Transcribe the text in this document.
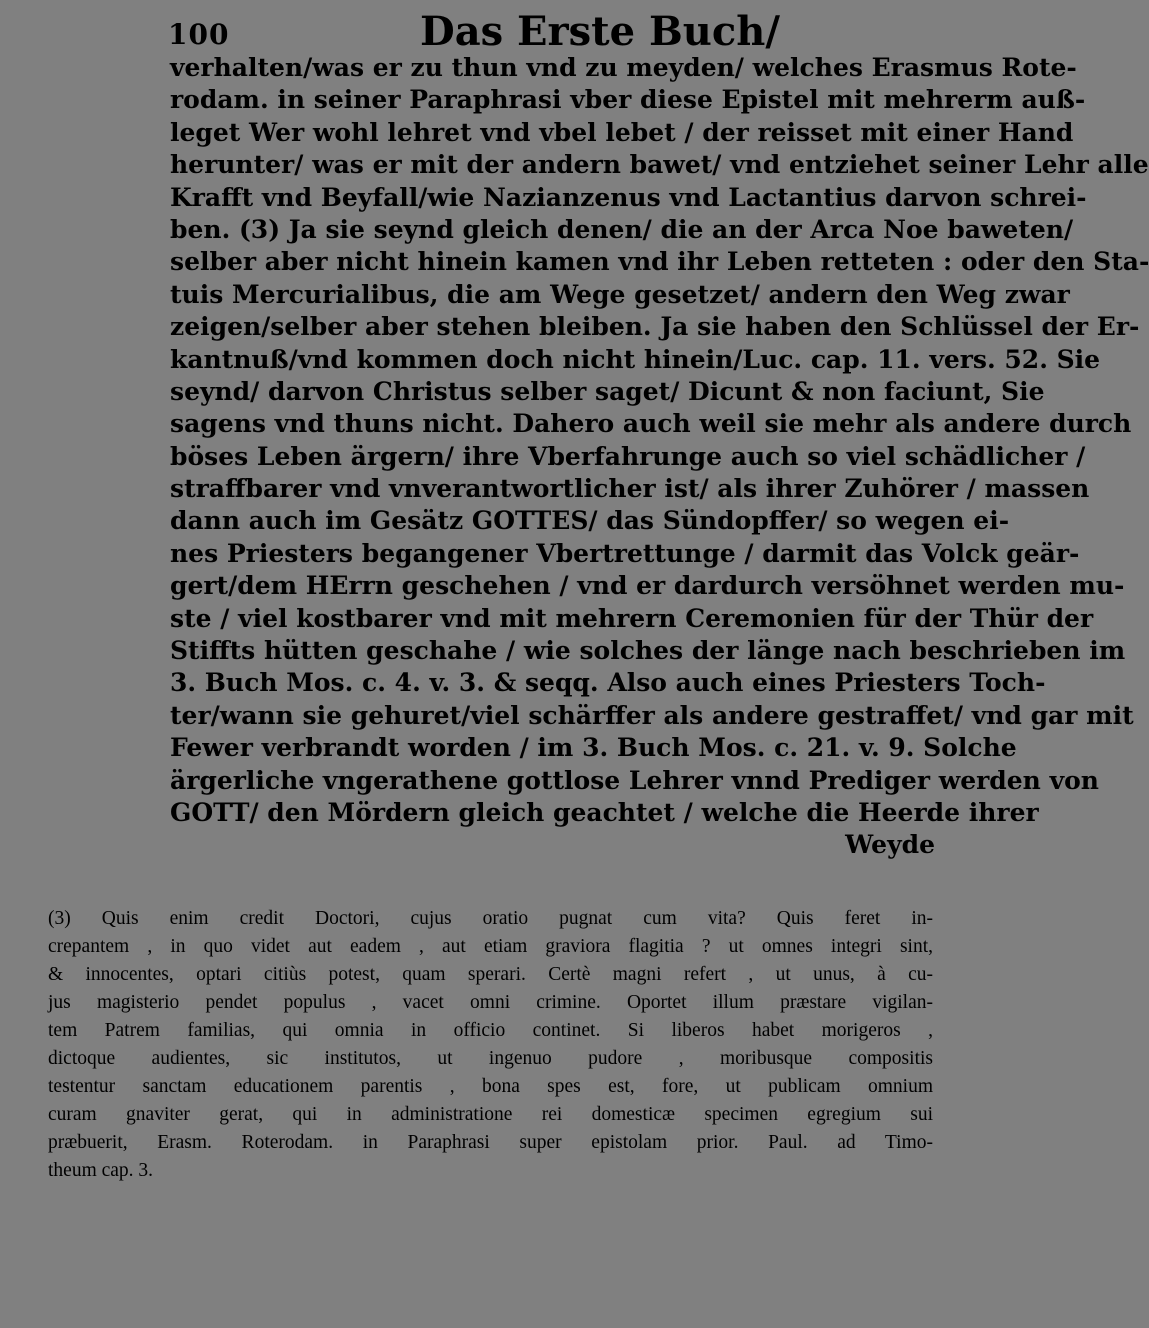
100	Das Erste Buch/
verhalten/was er zu thun vnd zu meyden/ welches Erasmus Rote-
rodam. in seiner Paraphrasi vber diese Epistel mit mehrerm auß-
leget Wer wohl lehret vnd vbel lebet / der reisset mit einer Hand
herunter/ was er mit der andern bawet/ vnd entziehet seiner Lehr alle
Krafft vnd Beyfall/wie Nazianzenus vnd Lactantius darvon schrei-
ben. (3) Ja sie seynd gleich denen/ die an der Arca Noe baweten/
selber aber nicht hinein kamen vnd ihr Leben retteten : oder den Sta-
tuis Mercurialibus, die am Wege gesetzet/ andern den Weg zwar
zeigen/selber aber stehen bleiben. Ja sie haben den Schlüssel der Er-
kantnuß/vnd kommen doch nicht hinein/Luc. cap. 11. vers. 52. Sie
seynd/ darvon Christus selber saget/ Dicunt & non faciunt, Sie
sagens vnd thuns nicht. Dahero auch weil sie mehr als andere durch
böses Leben ärgern/ ihre Vberfahrunge auch so viel schädlicher /
straffbarer vnd vnverantwortlicher ist/ als ihrer Zuhörer / massen
dann auch im Gesätz GOTTES/ das Sündopffer/ so wegen ei-
nes Priesters begangener Vbertrettunge / darmit das Volck geär-
gert/dem HErrn geschehen / vnd er dardurch versöhnet werden mu-
ste / viel kostbarer vnd mit mehrern Ceremonien für der Thür der
Stiffts hütten geschahe / wie solches der länge nach beschrieben im
3. Buch Mos. c. 4. v. 3. & seqq. Also auch eines Priesters Toch-
ter/wann sie gehuret/viel schärffer als andere gestraffet/ vnd gar mit
Fewer verbrandt worden / im 3. Buch Mos. c. 21. v. 9. Solche
ärgerliche vngerathene gottlose Lehrer vnnd Prediger werden von
GOTT/ den Mördern gleich geachtet / welche die Heerde ihrer
Weyde
(3) Quis enim credit Doctori, cujus oratio pugnat cum vita? Quis feret in-
crepantem , in quo videt aut eadem , aut etiam graviora flagitia ? ut omnes integri sint,
& innocentes, optari citiùs potest, quam sperari. Certè magni refert , ut unus, à cu-
jus magisterio pendet populus , vacet omni crimine. Oportet illum præstare vigilan-
tem Patrem familias, qui omnia in officio continet. Si liberos habet morigeros ,
dictoque audientes, sic institutos, ut ingenuo pudore , moribusque compositis
testentur sanctam educationem parentis , bona spes est, fore, ut publicam omnium
curam gnaviter gerat, qui in administratione rei domesticæ specimen egregium sui
præbuerit, Erasm. Roterodam. in Paraphrasi super epistolam prior. Paul. ad Timo-
theum cap. 3.
